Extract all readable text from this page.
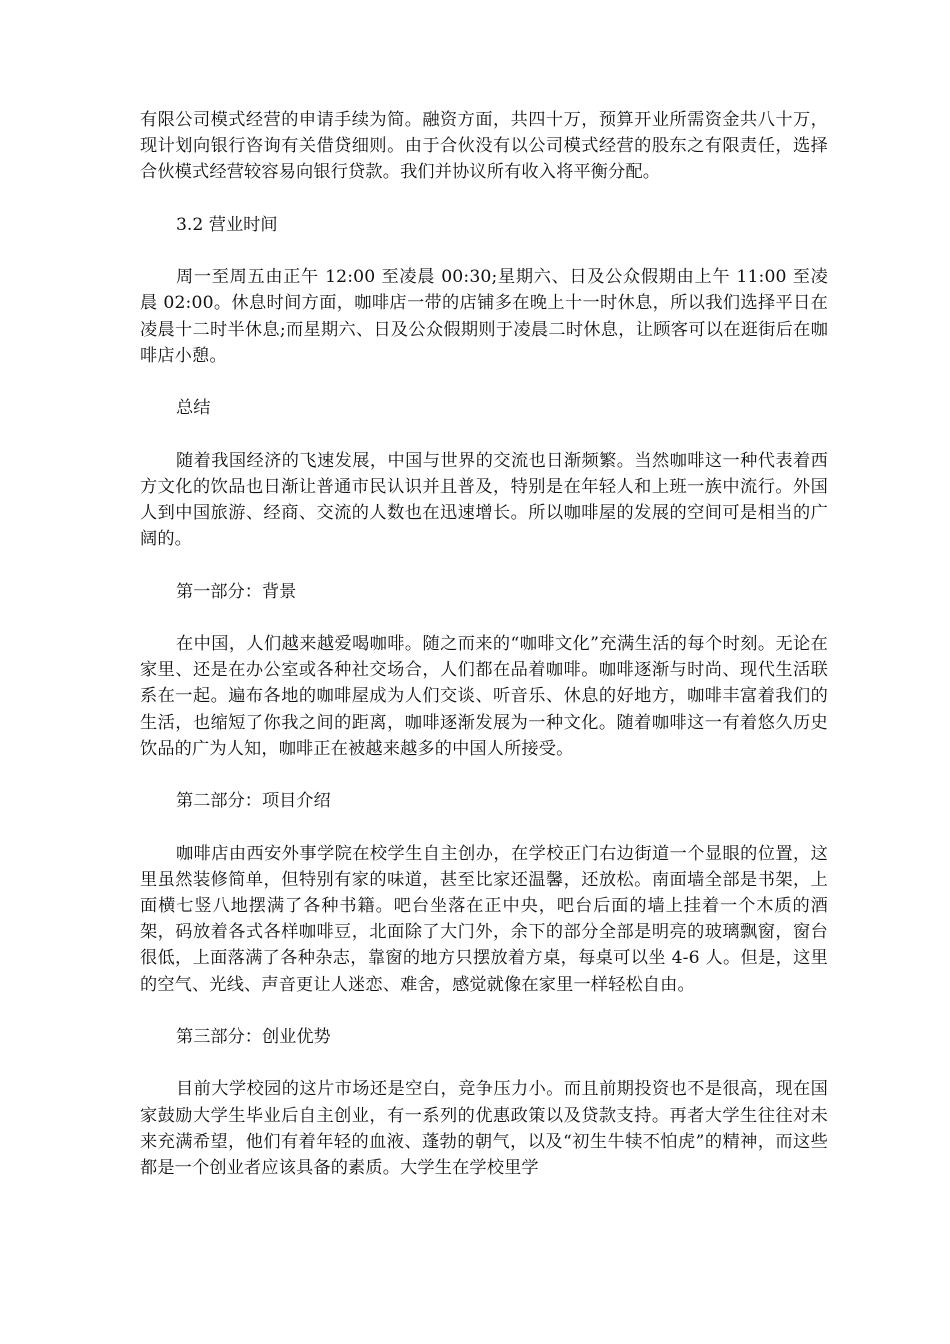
有限公司模式经营的申请手续为简。融资方面，共四十万，预算开业所需资金共八十万，现计划向银行咨询有关借贷细则。由于合伙没有以公司模式经营的股东之有限责任，选择合伙模式经营较容易向银行贷款。我们并协议所有收入将平衡分配。

3.2 营业时间

周一至周五由正午 12:00 至凌晨 00:30;星期六、日及公众假期由上午 11:00 至凌晨 02:00。休息时间方面，咖啡店一带的店铺多在晚上十一时休息，所以我们选择平日在凌晨十二时半休息;而星期六、日及公众假期则于凌晨二时休息，让顾客可以在逛街后在咖啡店小憩。

总结

随着我国经济的飞速发展，中国与世界的交流也日渐频繁。当然咖啡这一种代表着西方文化的饮品也日渐让普通市民认识并且普及，特别是在年轻人和上班一族中流行。外国人到中国旅游、经商、交流的人数也在迅速增长。所以咖啡屋的发展的空间可是相当的广阔的。

第一部分：背景

在中国，人们越来越爱喝咖啡。随之而来的“咖啡文化”充满生活的每个时刻。无论在家里、还是在办公室或各种社交场合，人们都在品着咖啡。咖啡逐渐与时尚、现代生活联系在一起。遍布各地的咖啡屋成为人们交谈、听音乐、休息的好地方，咖啡丰富着我们的生活，也缩短了你我之间的距离，咖啡逐渐发展为一种文化。随着咖啡这一有着悠久历史饮品的广为人知，咖啡正在被越来越多的中国人所接受。

第二部分：项目介绍

咖啡店由西安外事学院在校学生自主创办，在学校正门右边街道一个显眼的位置，这里虽然装修简单，但特别有家的味道，甚至比家还温馨，还放松。南面墙全部是书架，上面横七竖八地摆满了各种书籍。吧台坐落在正中央，吧台后面的墙上挂着一个木质的酒架，码放着各式各样咖啡豆，北面除了大门外，余下的部分全部是明亮的玻璃飘窗，窗台很低，上面落满了各种杂志，靠窗的地方只摆放着方桌，每桌可以坐 4-6 人。但是，这里的空气、光线、声音更让人迷恋、难舍，感觉就像在家里一样轻松自由。

第三部分：创业优势

目前大学校园的这片市场还是空白，竞争压力小。而且前期投资也不是很高，现在国家鼓励大学生毕业后自主创业，有一系列的优惠政策以及贷款支持。再者大学生往往对未来充满希望，他们有着年轻的血液、蓬勃的朝气，以及“初生牛犊不怕虎”的精神，而这些都是一个创业者应该具备的素质。大学生在学校里学
